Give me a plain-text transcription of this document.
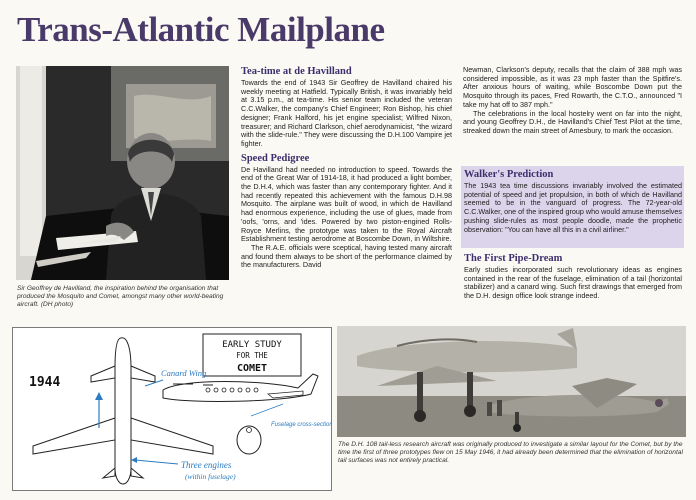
Trans-Atlantic Mailplane
Sir Geoffrey de Havilland, the inspiration behind the organisation that produced the Mosquito and Comet, amongst many other world-beating aircraft. (DH photo)
Tea-time at de Havilland

Towards the end of 1943 Sir Geoffrey de Havilland chaired his weekly meeting at Hatfield. Typically British, it was invariably held at 3.15 p.m., at tea-time. His senior team included the veteran C.C.Walker, the company's Chief Engineer; Ron Bishop, his chief designer; Frank Halford, his jet engine specialist; Wilfred Nixon, treasurer; and Richard Clarkson, chief aerodynamicist, "the wizard with the slide-rule." They were discussing the D.H.100 Vampire jet fighter.

Speed Pedigree

De Havilland had needed no introduction to speed. Towards the end of the Great War of 1914-18, it had produced a light bomber, the D.H.4, which was faster than any contemporary fighter. And it had recently repeated this achievement with the famous D.H.98 Mosquito. The airplane was built of wood, in which de Havilland had enormous experience, including the use of glues, made from 'oofs, 'orns, and 'ides. Powered by two piston-engined Rolls-Royce Merlins, the prototype was taken to the Royal Aircraft Establishment testing aerodrome at Boscombe Down, in Wiltshire.

The R.A.E. officials were sceptical, having tested many aircraft and found them always to be short of the performance claimed by the manufacturers. David

Newman, Clarkson's deputy, recalls that the claim of 388 mph was considered impossible, as it was 23 mph faster than the Spitfire's. After anxious hours of waiting, while Boscombe Down put the Mosquito through its paces, Fred Rowarth, the C.T.O., announced "I take my hat off to 387 mph."

The celebrations in the local hostelry went on far into the night, and young Geoffrey D.H., de Havilland's Chief Test Pilot at the time, streaked down the main street of Amesbury, to mark the occasion.

Walker's Prediction

The 1943 tea time discussions invariably involved the estimated potential of speed and jet propulsion, in both of which de Havilland seemed to be in the vanguard of progress. The 72-year-old C.C.Walker, one of the inspired group who would amuse themselves pushing slide-rules as most people doodle, made the prophetic observation: "You can have all this in a civil airliner."

The First Pipe-Dream

Early studies incorporated such revolutionary ideas as engines contained in the rear of the fuselage, elimination of a tail (horizontal stabilizer) and a canard wing. Such first drawings that emerged from the D.H. design office look strange indeed.

EARLY STUDY
FOR THE
COMET
1944
Canard Wing
Fuselage cross-section
Three engines
(within fuselage)
The D.H. 108 tail-less research aircraft was originally produced to investigate a similar layout for the Comet, but by the time the first of three prototypes flew on 15 May 1946, it had already been determined that the elimination of horizontal tail surfaces was not entirely practical.
